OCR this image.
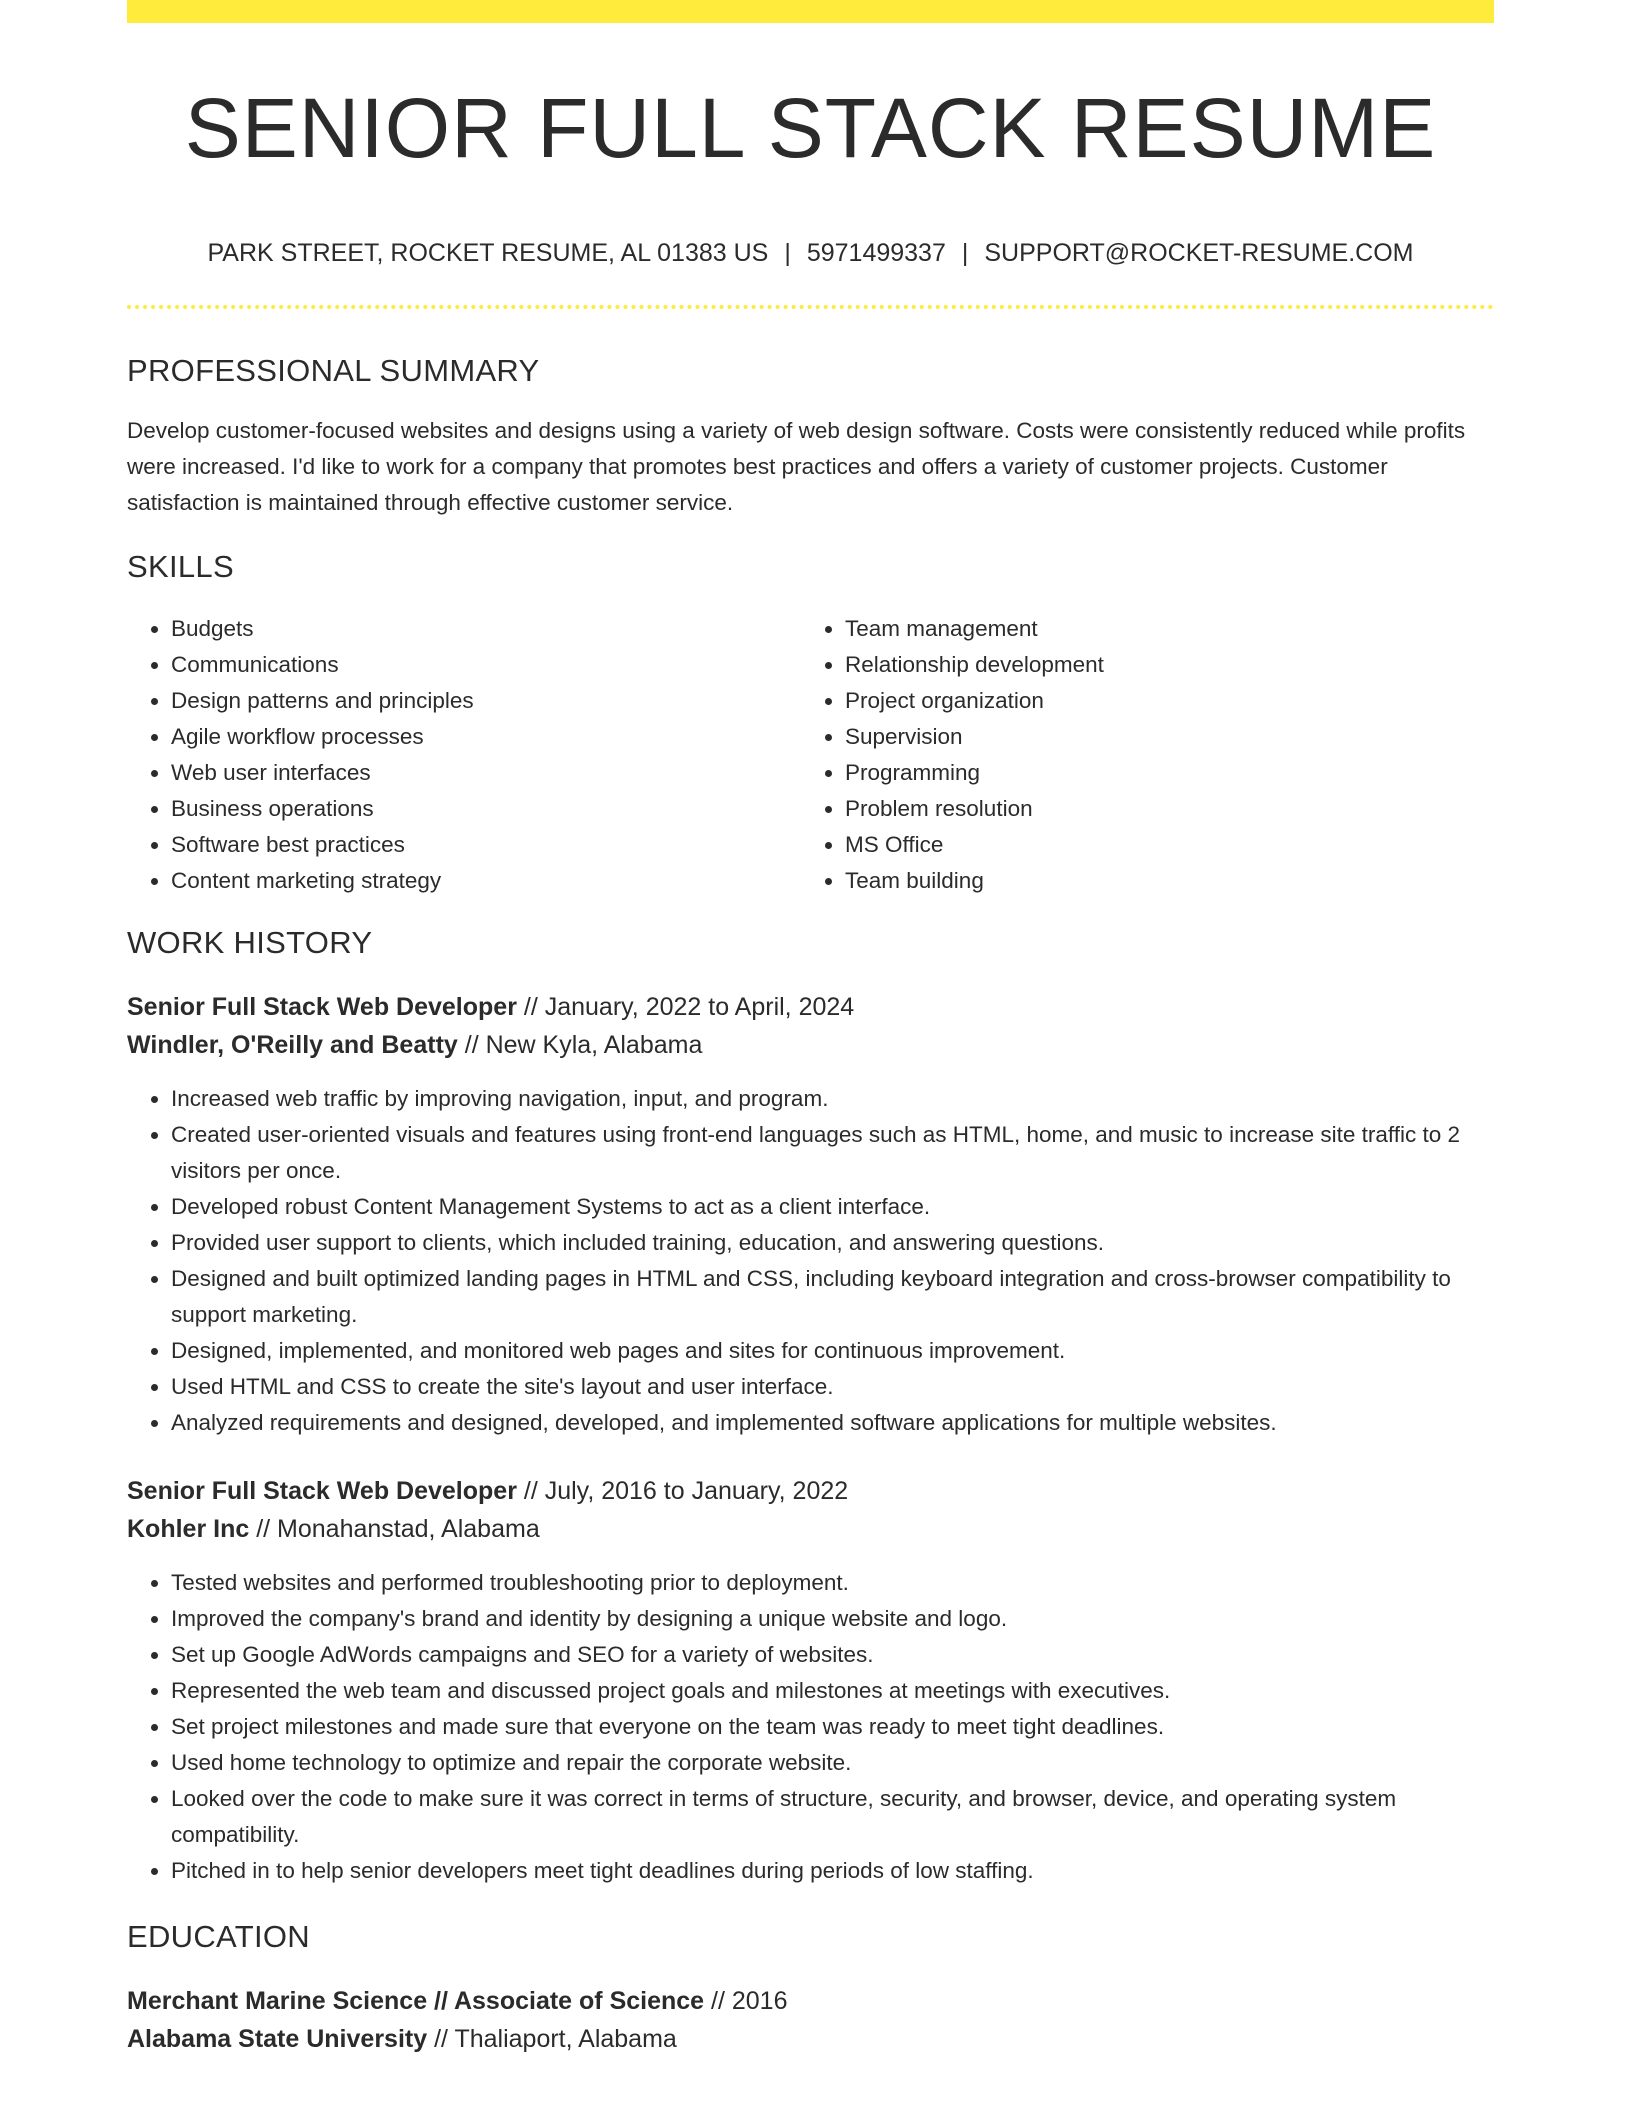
SENIOR FULL STACK RESUME
PARK STREET, ROCKET RESUME, AL 01383 US | 5971499337 | SUPPORT@ROCKET-RESUME.COM
PROFESSIONAL SUMMARY

Develop customer-focused websites and designs using a variety of web design software. Costs were consistently reduced while profits were increased. I'd like to work for a company that promotes best practices and offers a variety of customer projects. Customer satisfaction is maintained through effective customer service.

SKILLS
• Budgets
• Communications
• Design patterns and principles
• Agile workflow processes
• Web user interfaces
• Business operations
• Software best practices
• Content marketing strategy
• Team management
• Relationship development
• Project organization
• Supervision
• Programming
• Problem resolution
• MS Office
• Team building
WORK HISTORY
Senior Full Stack Web Developer // January, 2022 to April, 2024
Windler, O'Reilly and Beatty // New Kyla, Alabama
• Increased web traffic by improving navigation, input, and program.
• Created user-oriented visuals and features using front-end languages such as HTML, home, and music to increase site traffic to 2 visitors per once.
• Developed robust Content Management Systems to act as a client interface.
• Provided user support to clients, which included training, education, and answering questions.
• Designed and built optimized landing pages in HTML and CSS, including keyboard integration and cross-browser compatibility to support marketing.
• Designed, implemented, and monitored web pages and sites for continuous improvement.
• Used HTML and CSS to create the site's layout and user interface.
• Analyzed requirements and designed, developed, and implemented software applications for multiple websites.
Senior Full Stack Web Developer // July, 2016 to January, 2022
Kohler Inc // Monahanstad, Alabama
• Tested websites and performed troubleshooting prior to deployment.
• Improved the company's brand and identity by designing a unique website and logo.
• Set up Google AdWords campaigns and SEO for a variety of websites.
• Represented the web team and discussed project goals and milestones at meetings with executives.
• Set project milestones and made sure that everyone on the team was ready to meet tight deadlines.
• Used home technology to optimize and repair the corporate website.
• Looked over the code to make sure it was correct in terms of structure, security, and browser, device, and operating system compatibility.
• Pitched in to help senior developers meet tight deadlines during periods of low staffing.
EDUCATION
Merchant Marine Science // Associate of Science // 2016
Alabama State University // Thaliaport, Alabama
